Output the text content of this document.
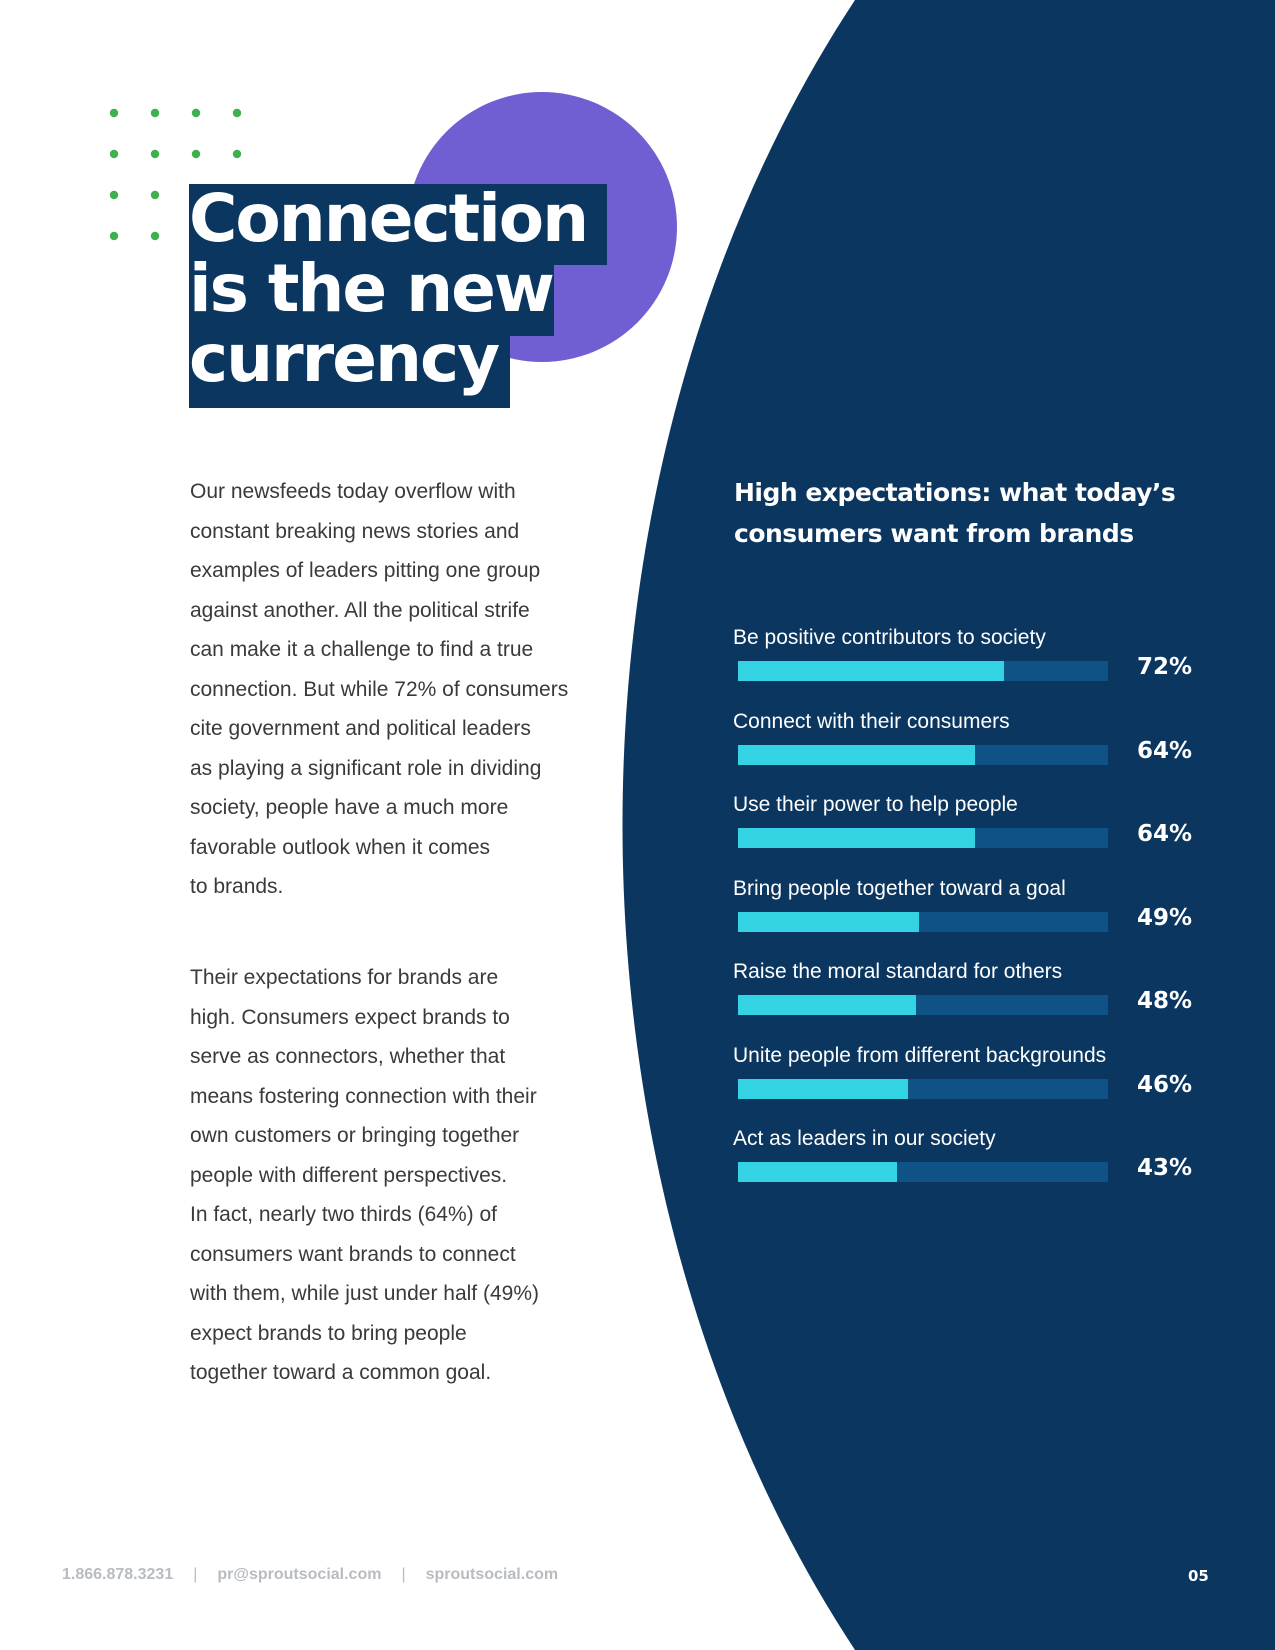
Connection
is the new
currency
Our newsfeeds today overflow with
constant breaking news stories and
examples of leaders pitting one group
against another. All the political strife
can make it a challenge to find a true
connection. But while 72% of consumers
cite government and political leaders
as playing a significant role in dividing
society, people have a much more
favorable outlook when it comes
to brands.
Their expectations for brands are
high. Consumers expect brands to
serve as connectors, whether that
means fostering connection with their
own customers or bringing together
people with different perspectives.
In fact, nearly two thirds (64%) of
consumers want brands to connect
with them, while just under half (49%)
expect brands to bring people
together toward a common goal.
High expectations: what today’s
consumers want from brands
Be positive contributors to society
72%
Connect with their consumers
64%
Use their power to help people
64%
Bring people together toward a goal
49%
Raise the moral standard for others
48%
Unite people from different backgrounds
46%
Act as leaders in our society
43%
1.866.878.3231 | pr@sproutsocial.com | sproutsocial.com	05
